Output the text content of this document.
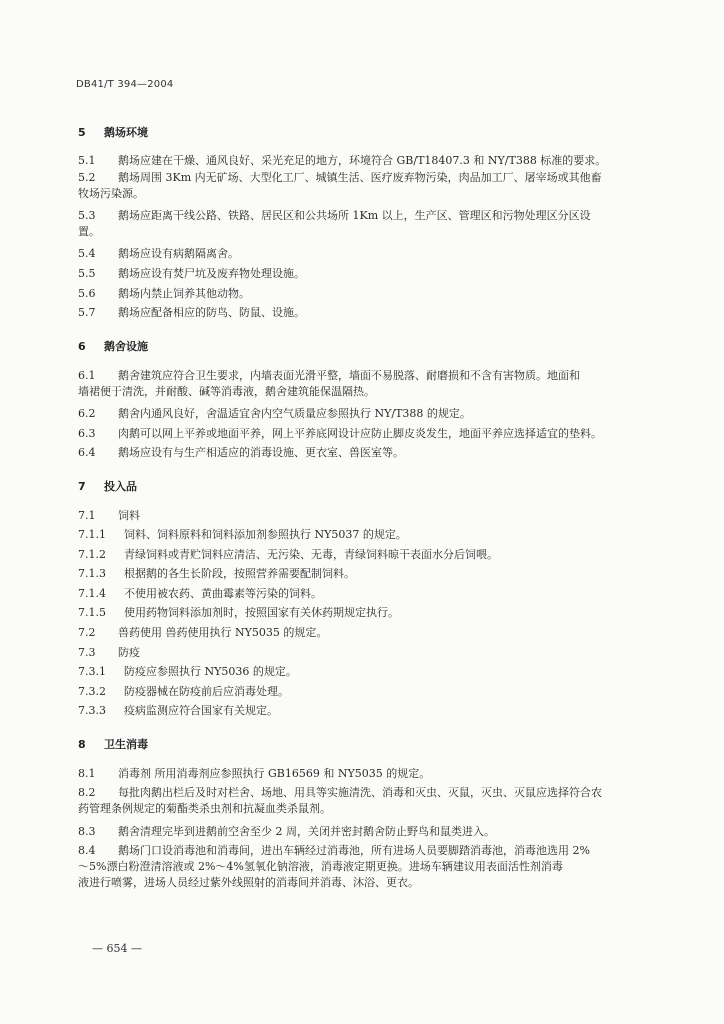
DB41/T 394—2004
5 鹅场环境
5.1 鹅场应建在干燥、通风良好、采光充足的地方，环境符合 GB/T18407.3 和 NY/T388 标准的要求。
5.2 鹅场周围 3Km 内无矿场、大型化工厂、城镇生活、医疗废弃物污染，肉品加工厂、屠宰场或其他畜
牧场污染源。
5.3 鹅场应距离干线公路、铁路、居民区和公共场所 1Km 以上，生产区、管理区和污物处理区分区设
置。
5.4 鹅场应设有病鹅隔离舍。
5.5 鹅场应设有焚尸坑及废弃物处理设施。
5.6 鹅场内禁止饲养其他动物。
5.7 鹅场应配备相应的防鸟、防鼠、设施。
6 鹅舍设施
6.1 鹅舍建筑应符合卫生要求，内墙表面光滑平整，墙面不易脱落、耐磨损和不含有害物质。地面和
墙裙便于清洗，并耐酸、碱等消毒液，鹅舍建筑能保温隔热。
6.2 鹅舍内通风良好，舍温适宜舍内空气质量应参照执行 NY/T388 的规定。
6.3 肉鹅可以网上平养或地面平养，网上平养底网设计应防止脚皮炎发生，地面平养应选择适宜的垫料。
6.4 鹅场应设有与生产相适应的消毒设施、更衣室、兽医室等。
7 投入品
7.1 饲料
7.1.1 饲料、饲料原料和饲料添加剂参照执行 NY5037 的规定。
7.1.2 青绿饲料或青贮饲料应清洁、无污染、无毒，青绿饲料晾干表面水分后饲喂。
7.1.3 根据鹅的各生长阶段，按照营养需要配制饲料。
7.1.4 不使用被农药、黄曲霉素等污染的饲料。
7.1.5 使用药物饲料添加剂时，按照国家有关休药期规定执行。
7.2 兽药使用 兽药使用执行 NY5035 的规定。
7.3 防疫
7.3.1 防疫应参照执行 NY5036 的规定。
7.3.2 防疫器械在防疫前后应消毒处理。
7.3.3 疫病监测应符合国家有关规定。
8 卫生消毒
8.1 消毒剂 所用消毒剂应参照执行 GB16569 和 NY5035 的规定。
8.2 每批肉鹅出栏后及时对栏舍、场地、用具等实施清洗、消毒和灭虫、灭鼠，灭虫、灭鼠应选择符合农
药管理条例规定的菊酯类杀虫剂和抗凝血类杀鼠剂。
8.3 鹅舍清理完毕到进鹅前空舍至少 2 周，关闭并密封鹅舍防止野鸟和鼠类进入。
8.4 鹅场门口设消毒池和消毒间，进出车辆经过消毒池，所有进场人员要脚踏消毒池，消毒池选用 2%
～5%漂白粉澄清溶液或 2%～4%氢氧化钠溶液，消毒液定期更换。进场车辆建议用表面活性剂消毒
液进行喷雾，进场人员经过紫外线照射的消毒间并消毒、沐浴、更衣。
— 654 —
